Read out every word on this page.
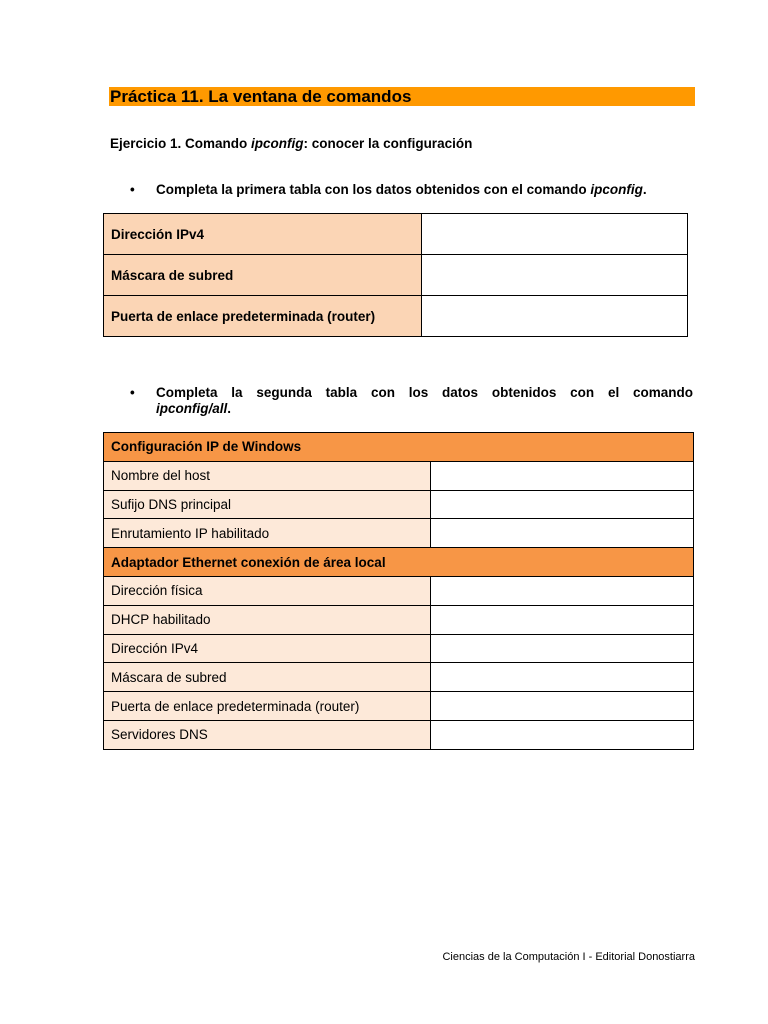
Práctica 11. La ventana de comandos
Ejercicio 1. Comando ipconfig: conocer la configuración
• Completa la primera tabla con los datos obtenidos con el comando ipconfig.
Dirección IPv4	
Máscara de subred	
Puerta de enlace predeterminada (router)	
• Completa la segunda tabla con los datos obtenidos con el comando
ipconfig/all.
Configuración IP de Windows	
Nombre del host	
Sufijo DNS principal	
Enrutamiento IP habilitado	
Adaptador Ethernet conexión de área local	
Dirección física	
DHCP habilitado	
Dirección IPv4	
Máscara de subred	
Puerta de enlace predeterminada (router)	
Servidores DNS	
Ciencias de la Computación I - Editorial Donostiarra
